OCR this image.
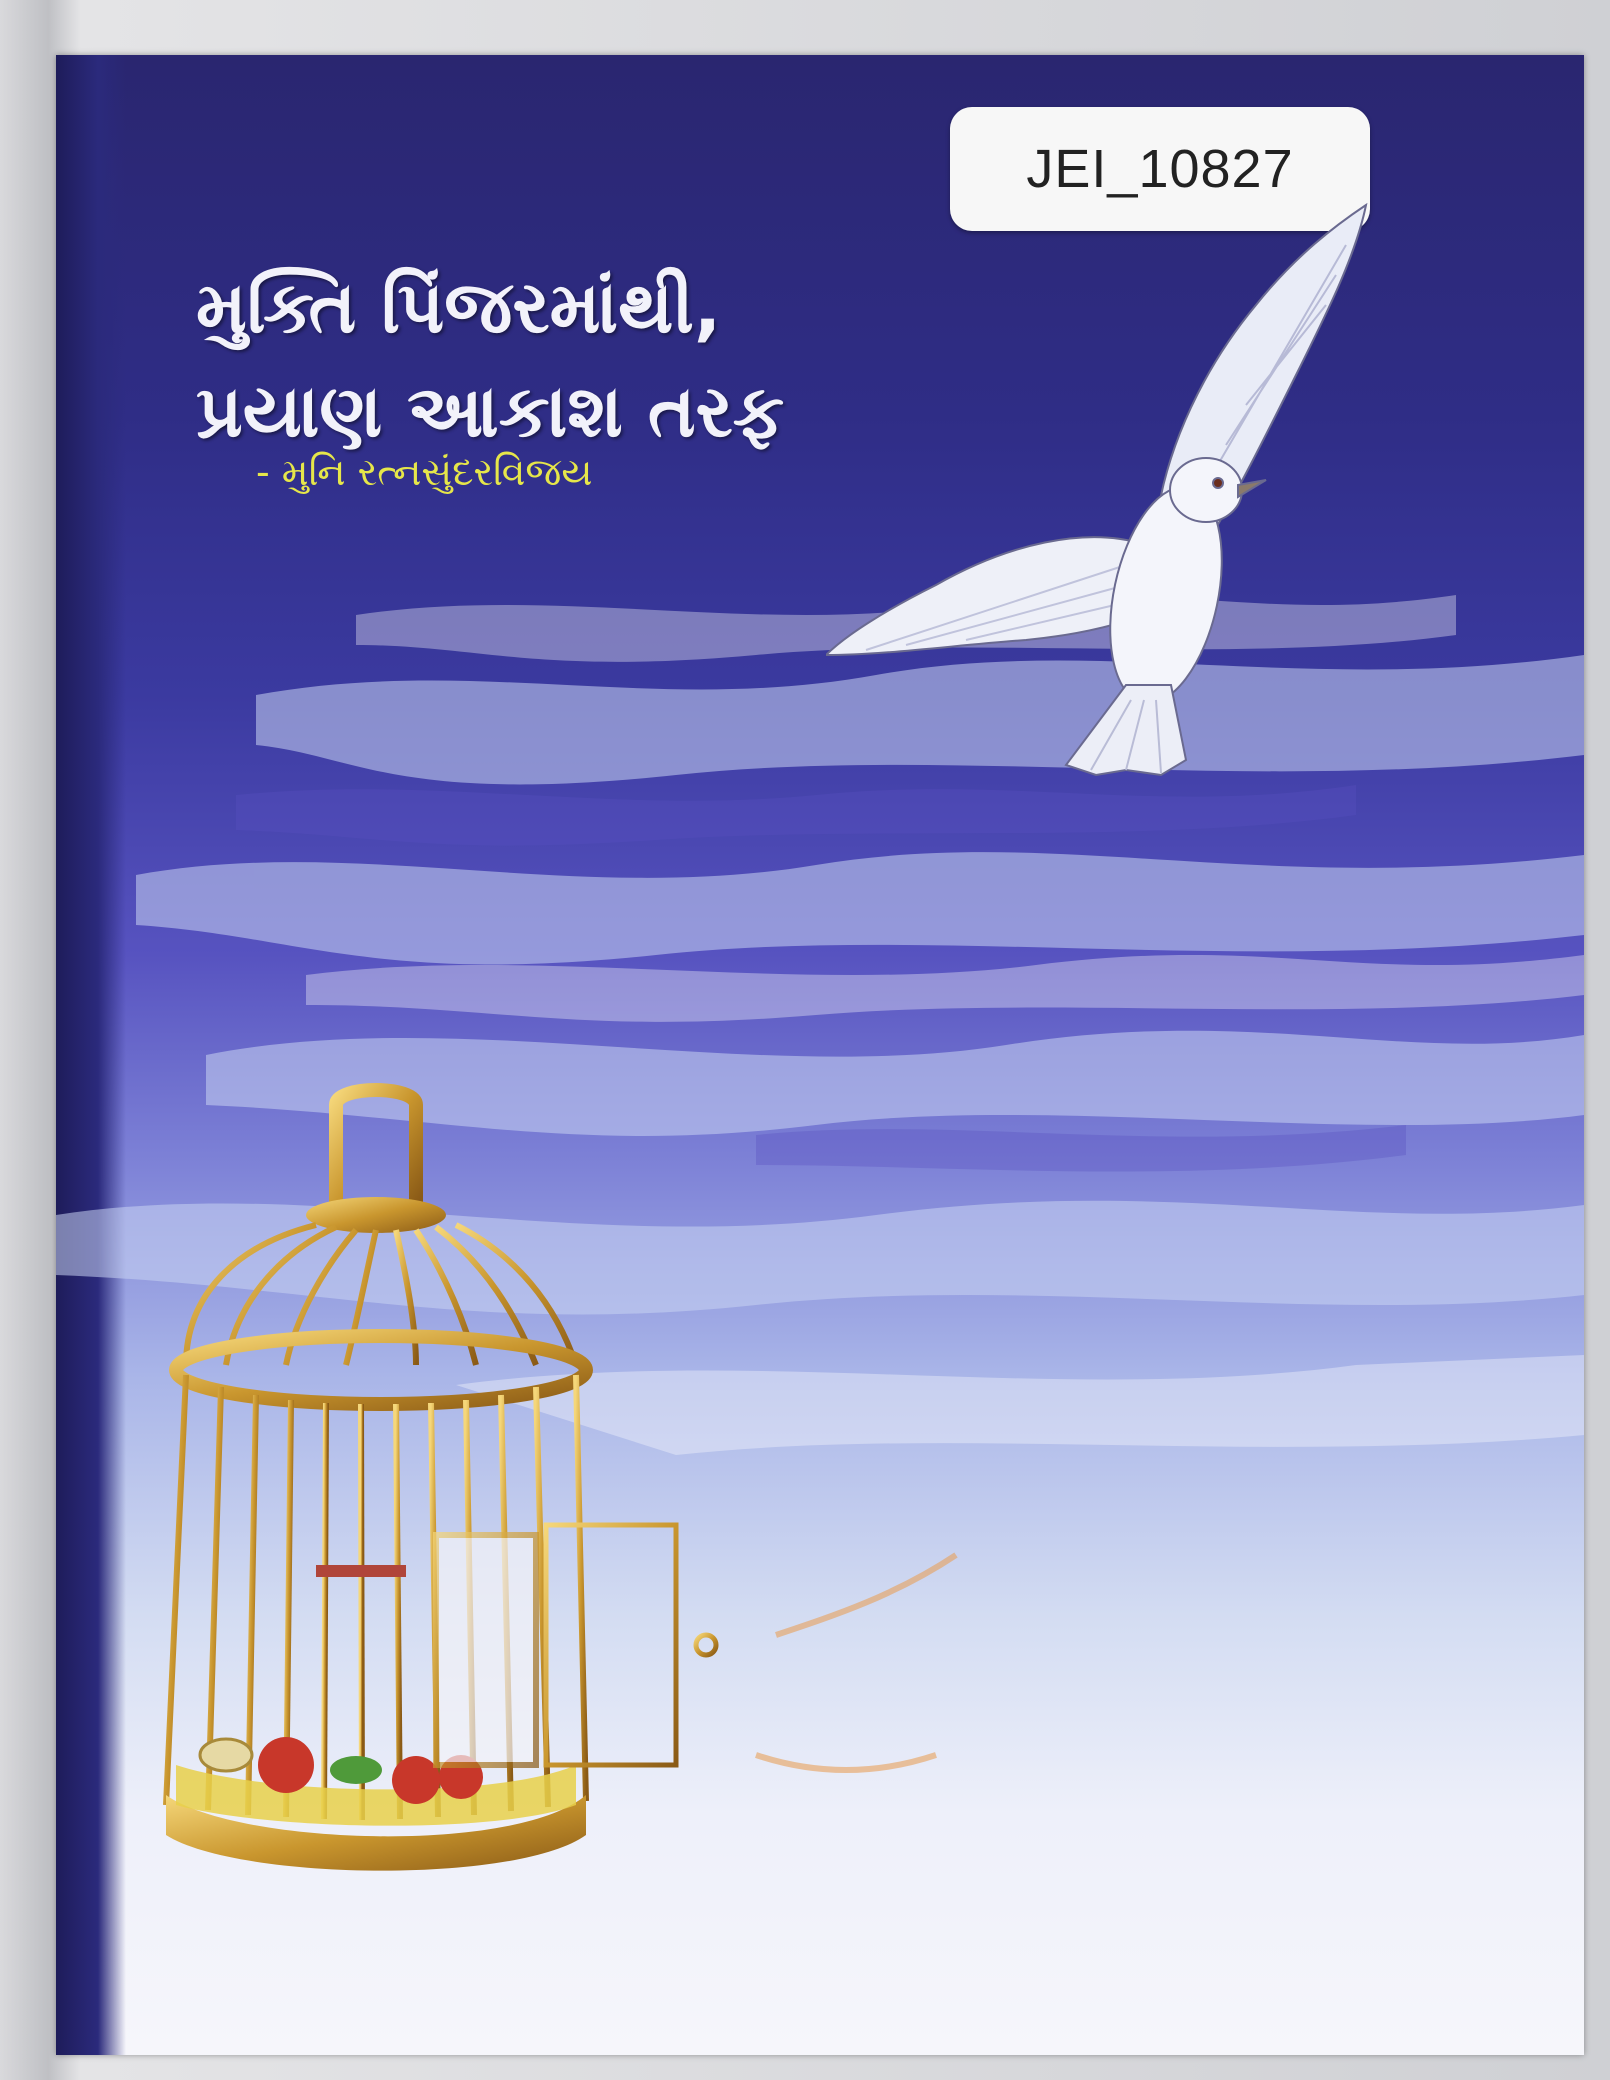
JEI_10827
મુક્તિ પિંજરમાંથી,
પ્રયાણ આકાશ તરફ
- મુનિ રત્નસુંદરવિજય
